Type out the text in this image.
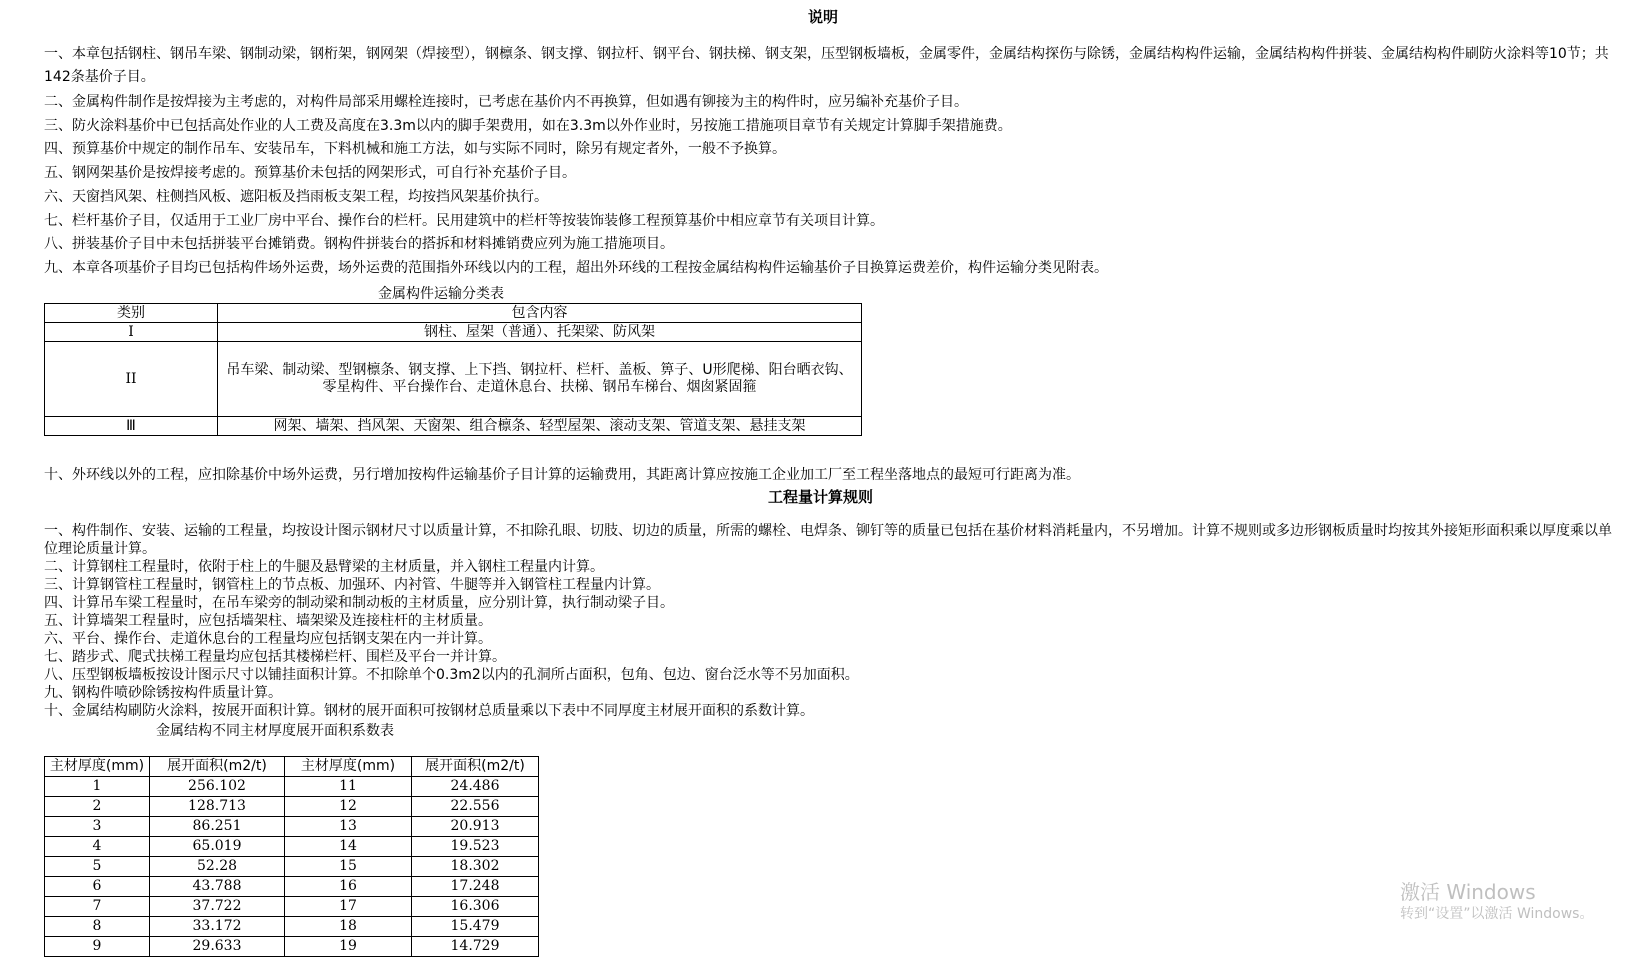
说明
一、本章包括钢柱、钢吊车梁、钢制动梁，钢桁架，钢网架（焊接型），钢檩条、钢支撑、钢拉杆、钢平台、钢扶梯、钢支架，压型钢板墙板，金属零件，金属结构探伤与除锈，金属结构构件运输，金属结构构件拼装、金属结构构件刷防火涂料等10节；共142条基价子目。
二、金属构件制作是按焊接为主考虑的，对构件局部采用螺栓连接时，已考虑在基价内不再换算，但如遇有铆接为主的构件时，应另编补充基价子目。
三、防火涂料基价中已包括高处作业的人工费及高度在3.3m以内的脚手架费用，如在3.3m以外作业时，另按施工措施项目章节有关规定计算脚手架措施费。
四、预算基价中规定的制作吊车、安装吊车，下料机械和施工方法，如与实际不同时，除另有规定者外，一般不予换算。
五、钢网架基价是按焊接考虑的。预算基价未包括的网架形式，可自行补充基价子目。
六、天窗挡风架、柱侧挡风板、遮阳板及挡雨板支架工程，均按挡风架基价执行。
七、栏杆基价子目，仅适用于工业厂房中平台、操作台的栏杆。民用建筑中的栏杆等按装饰装修工程预算基价中相应章节有关项目计算。
八、拼装基价子目中未包括拼装平台摊销费。钢构件拼装台的搭拆和材料摊销费应列为施工措施项目。
九、本章各项基价子目均已包括构件场外运费，场外运费的范围指外环线以内的工程，超出外环线的工程按金属结构构件运输基价子目换算运费差价，构件运输分类见附表。
金属构件运输分类表
类别	包含内容
I	钢柱、屋架（普通）、托架梁、防风架
II	吊车梁、制动梁、型钢檩条、钢支撑、上下挡、钢拉杆、栏杆、盖板、箅子、U形爬梯、阳台晒衣钩、零星构件、平台操作台、走道休息台、扶梯、钢吊车梯台、烟囱紧固箍
Ⅲ	网架、墙架、挡风架、天窗架、组合檩条、轻型屋架、滚动支架、管道支架、悬挂支架
十、外环线以外的工程，应扣除基价中场外运费，另行增加按构件运输基价子目计算的运输费用，其距离计算应按施工企业加工厂至工程坐落地点的最短可行距离为准。
工程量计算规则
一、构件制作、安装、运输的工程量，均按设计图示钢材尺寸以质量计算，不扣除孔眼、切肢、切边的质量，所需的螺栓、电焊条、铆钉等的质量已包括在基价材料消耗量内，不另增加。计算不规则或多边形钢板质量时均按其外接矩形面积乘以厚度乘以单位理论质量计算。
二、计算钢柱工程量时，依附于柱上的牛腿及悬臂梁的主材质量，并入钢柱工程量内计算。
三、计算钢管柱工程量时，钢管柱上的节点板、加强环、内衬管、牛腿等并入钢管柱工程量内计算。
四、计算吊车梁工程量时，在吊车梁旁的制动梁和制动板的主材质量，应分别计算，执行制动梁子目。
五、计算墙架工程量时，应包括墙架柱、墙架梁及连接柱杆的主材质量。
六、平台、操作台、走道休息台的工程量均应包括钢支架在内一并计算。
七、踏步式、爬式扶梯工程量均应包括其楼梯栏杆、围栏及平台一并计算。
八、压型钢板墙板按设计图示尺寸以铺挂面积计算。不扣除单个0.3m2以内的孔洞所占面积，包角、包边、窗台泛水等不另加面积。
九、钢构件喷砂除锈按构件质量计算。
十、金属结构刷防火涂料，按展开面积计算。钢材的展开面积可按钢材总质量乘以下表中不同厚度主材展开面积的系数计算。
金属结构不同主材厚度展开面积系数表
主材厚度(mm)	展开面积(m2/t)	主材厚度(mm)	展开面积(m2/t)
1	256.102	11	24.486
2	128.713	12	22.556
3	86.251	13	20.913
4	65.019	14	19.523
5	52.28	15	18.302
6	43.788	16	17.248
7	37.722	17	16.306
8	33.172	18	15.479
9	29.633	19	14.729
激活 Windows
转到“设置”以激活 Windows。
